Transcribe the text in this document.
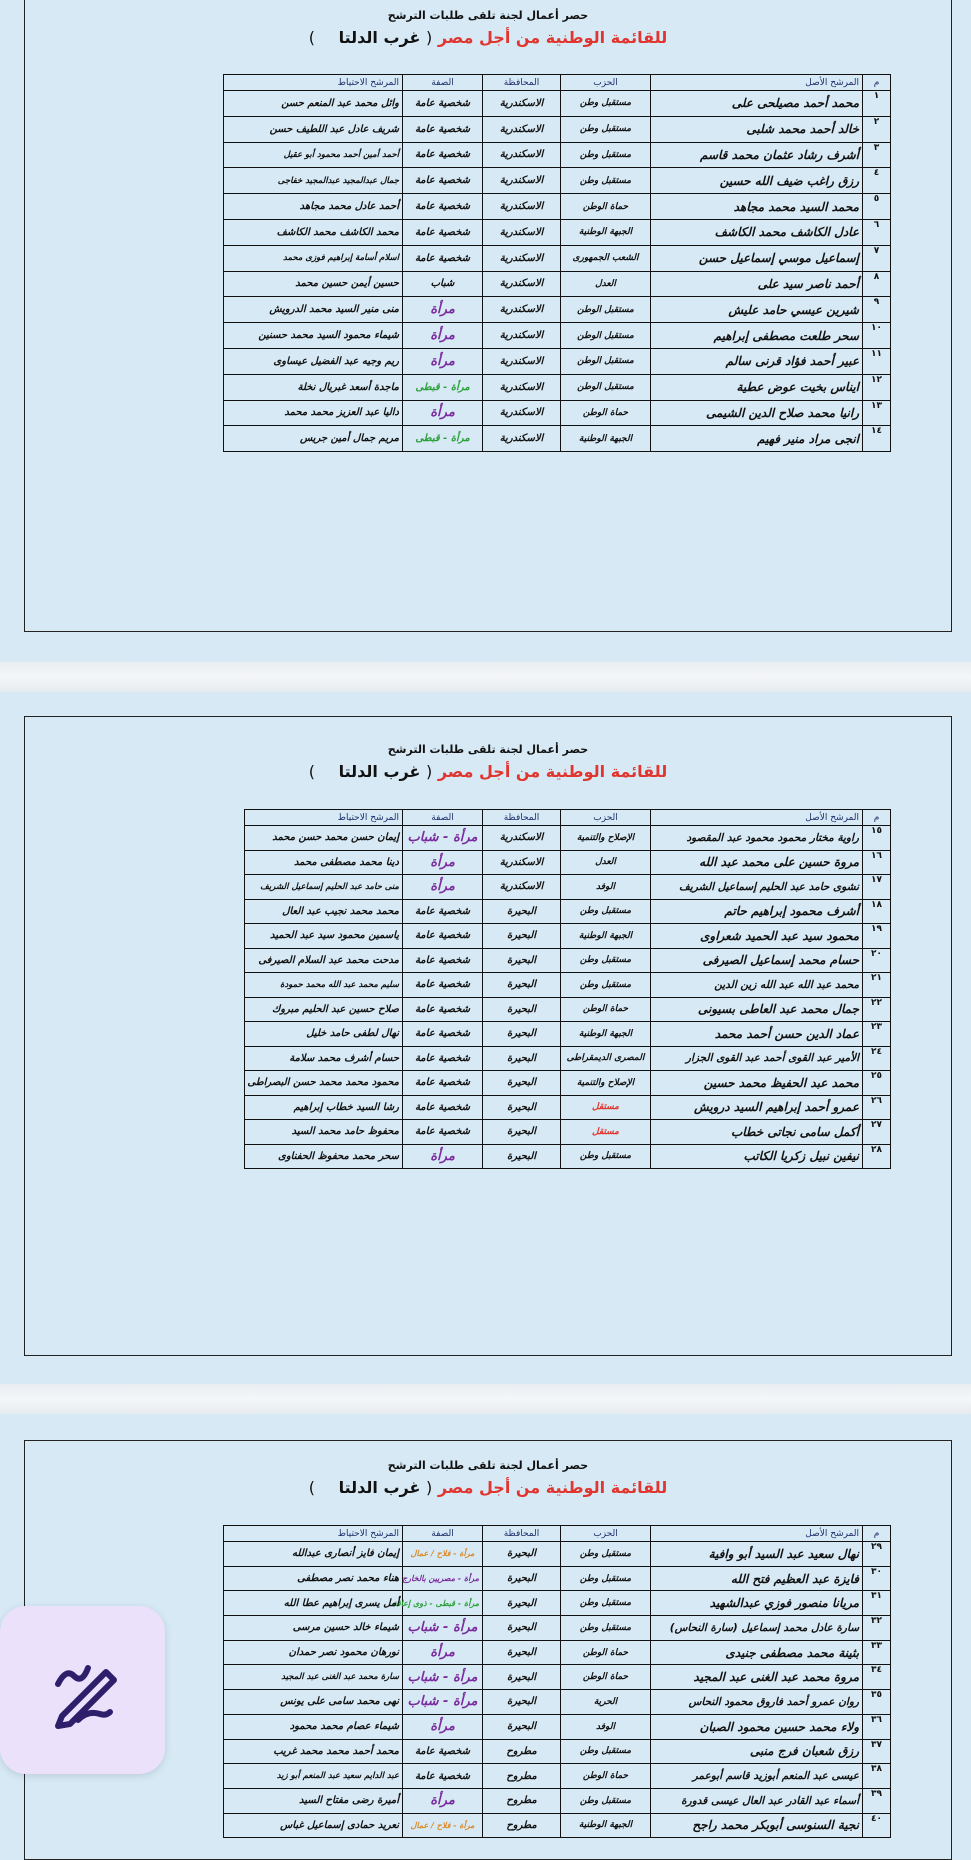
حصر أعمال لجنة تلقى طلبات الترشح
للقائمة الوطنية من أجل مصر ( غرب الدلتا )
م	المرشح الأصل	الحزب	المحافظة	الصفة	المرشح الاحتياط
١	محمد أحمد مصيلحى على	مستقبل وطن	الاسكندرية	شخصية عامة	وائل محمد عبد المنعم حسن
٢	خالد أحمد محمد شلبى	مستقبل وطن	الاسكندرية	شخصية عامة	شريف عادل عبد اللطيف حسن
٣	أشرف رشاد عثمان محمد قاسم	مستقبل وطن	الاسكندرية	شخصية عامة	أحمد أمين أحمد محمود أبو عقيل
٤	رزق راغب ضيف الله حسين	مستقبل وطن	الاسكندرية	شخصية عامة	جمال عبدالمجيد عبدالمجيد خفاجى
٥	محمد السيد محمد مجاهد	حماة الوطن	الاسكندرية	شخصية عامة	أحمد عادل محمد مجاهد
٦	عادل الكاشف محمد الكاشف	الجبهة الوطنية	الاسكندرية	شخصية عامة	محمد الكاشف محمد الكاشف
٧	إسماعيل موسي إسماعيل حسن	الشعب الجمهورى	الاسكندرية	شخصية عامة	اسلام أسامة إبراهيم فوزى محمد
٨	أحمد ناصر سيد على	العدل	الاسكندرية	شباب	حسين أيمن حسين محمد
٩	شيرين عيسي حامد عليش	مستقبل الوطن	الاسكندرية	مرأة	منى منير السيد محمد الدرويش
١٠	سحر طلعت مصطفى إبراهيم	مستقبل الوطن	الاسكندرية	مرأة	شيماء محمود السيد محمد حسنين
١١	عبير أحمد فؤاد قرنى سالم	مستقبل الوطن	الاسكندرية	مرأة	ريم وجيه عبد الفضيل عيساوى
١٢	ايناس بخيت عوض عطية	مستقبل الوطن	الاسكندرية	مرأة - قبطى	ماجدة أسعد غبريال نخلة
١٣	رانيا محمد صلاح الدين الشيمى	حماة الوطن	الاسكندرية	مرأة	داليا عبد العزيز محمد محمد
١٤	انجى مراد منير فهيم	الجبهة الوطنية	الاسكندرية	مرأة - قبطى	مريم جمال أمين جريس
حصر أعمال لجنة تلقى طلبات الترشح
للقائمة الوطنية من أجل مصر ( غرب الدلتا )
م	المرشح الأصل	الحزب	المحافظة	الصفة	المرشح الاحتياط
١٥	راوية مختار محمود محمود عبد المقصود	الإصلاح والتنمية	الاسكندرية	مرأة - شباب	إيمان حسن محمد حسن محمد
١٦	مروة حسين على محمد عبد الله	العدل	الاسكندرية	مرأة	دينا محمد مصطفى محمد
١٧	نشوى حامد عبد الحليم إسماعيل الشريف	الوفد	الاسكندرية	مرأة	منى حامد عبد الحليم إسماعيل الشريف
١٨	أشرف محمود إبراهيم حاتم	مستقبل وطن	البحيرة	شخصية عامة	محمد محمد نجيب عبد العال
١٩	محمود سيد عبد الحميد شعراوى	الجبهة الوطنية	البحيرة	شخصية عامة	ياسمين محمود سيد عبد الحميد
٢٠	حسام محمد إسماعيل الصيرفى	مستقبل وطن	البحيرة	شخصية عامة	مدحت محمد عبد السلام الصيرفى
٢١	محمد عبد الله عبد الله زين الدين	مستقبل وطن	البحيرة	شخصية عامة	سليم محمد عبد الله محمد حمودة
٢٢	جمال محمد عبد العاطى بسيونى	حماة الوطن	البحيرة	شخصية عامة	صلاح حسين عبد الحليم مبروك
٢٣	عماد الدين حسن أحمد محمد	الجبهة الوطنية	البحيرة	شخصية عامة	نهال لطفى حامد خليل
٢٤	الأمير عبد القوى أحمد عبد القوى الجزار	المصرى الديمقراطى	البحيرة	شخصية عامة	حسام أشرف محمد سلامة
٢٥	محمد عبد الحفيظ محمد حسين	الإصلاح والتنمية	البحيرة	شخصية عامة	محمود محمد محمد حسن البصراطى
٢٦	عمرو أحمد إبراهيم السيد درويش	مستقل	البحيرة	شخصية عامة	رشا السيد خطاب إبراهيم
٢٧	أكمل سامى نجاتى خطاب	مستقل	البحيرة	شخصية عامة	محفوظ حامد محمد السيد
٢٨	نيفين نبيل زكريا الكاتب	مستقبل وطن	البحيرة	مرأة	سحر محمد محفوظ الحفناوى
حصر أعمال لجنة تلقى طلبات الترشح
للقائمة الوطنية من أجل مصر ( غرب الدلتا )
م	المرشح الأصل	الحزب	المحافظة	الصفة	المرشح الاحتياط
٢٩	نهال سعيد عبد السيد أبو وافية	مستقبل وطن	البحيرة	مرأة - فلاح / عمال	إيمان فايز أنصارى عبدالله
٣٠	فايزة عبد العظيم فتح الله	مستقبل وطن	البحيرة	مرأة - مصريين بالخارج	هناء محمد نصر مصطفى
٣١	مريانا منصور فوزي عبدالشهيد	مستقبل وطن	البحيرة	مرأة - قبطى - ذوى إعاقة	أمل يسرى إبراهيم عطا الله
٣٢	سارة عادل محمد إسماعيل (سارة النحاس)	مستقبل وطن	البحيرة	مرأة - شباب	شيماء خالد حسين مرسى
٣٣	بثينة محمد مصطفى جنيدى	حماة الوطن	البحيرة	مرأة	نورهان محمود نصر حمدان
٣٤	مروة محمد عبد الغنى عبد المجيد	حماة الوطن	البحيرة	مرأة - شباب	سارة محمد عبد الغنى عبد المجيد
٣٥	روان عمرو أحمد فاروق محمود النحاس	الحرية	البحيرة	مرأة - شباب	نهى محمد سامى على يونس
٣٦	ولاء محمد حسين محمود الصبان	الوفد	البحيرة	مرأة	شيماء عصام محمد محمود
٣٧	رزق شعبان فرج منبى	مستقبل وطن	مطروح	شخصية عامة	محمد أحمد محمد محمد غريب
٣٨	عيسى عبد المنعم أبوزيد قاسم أبوعمر	حماة الوطن	مطروح	شخصية عامة	عبد الدايم سعيد عبد المنعم أبو زيد
٣٩	أسماء عبد القادر عبد العال عيسى قدورة	مستقبل وطن	مطروح	مرأة	أميرة رضى مفتاح السيد
٤٠	نجية السنوسى أبوبكر محمد راجح	الجبهة الوطنية	مطروح	مرأة - فلاح / عمال	نعريد حمادى إسماعيل غباس
